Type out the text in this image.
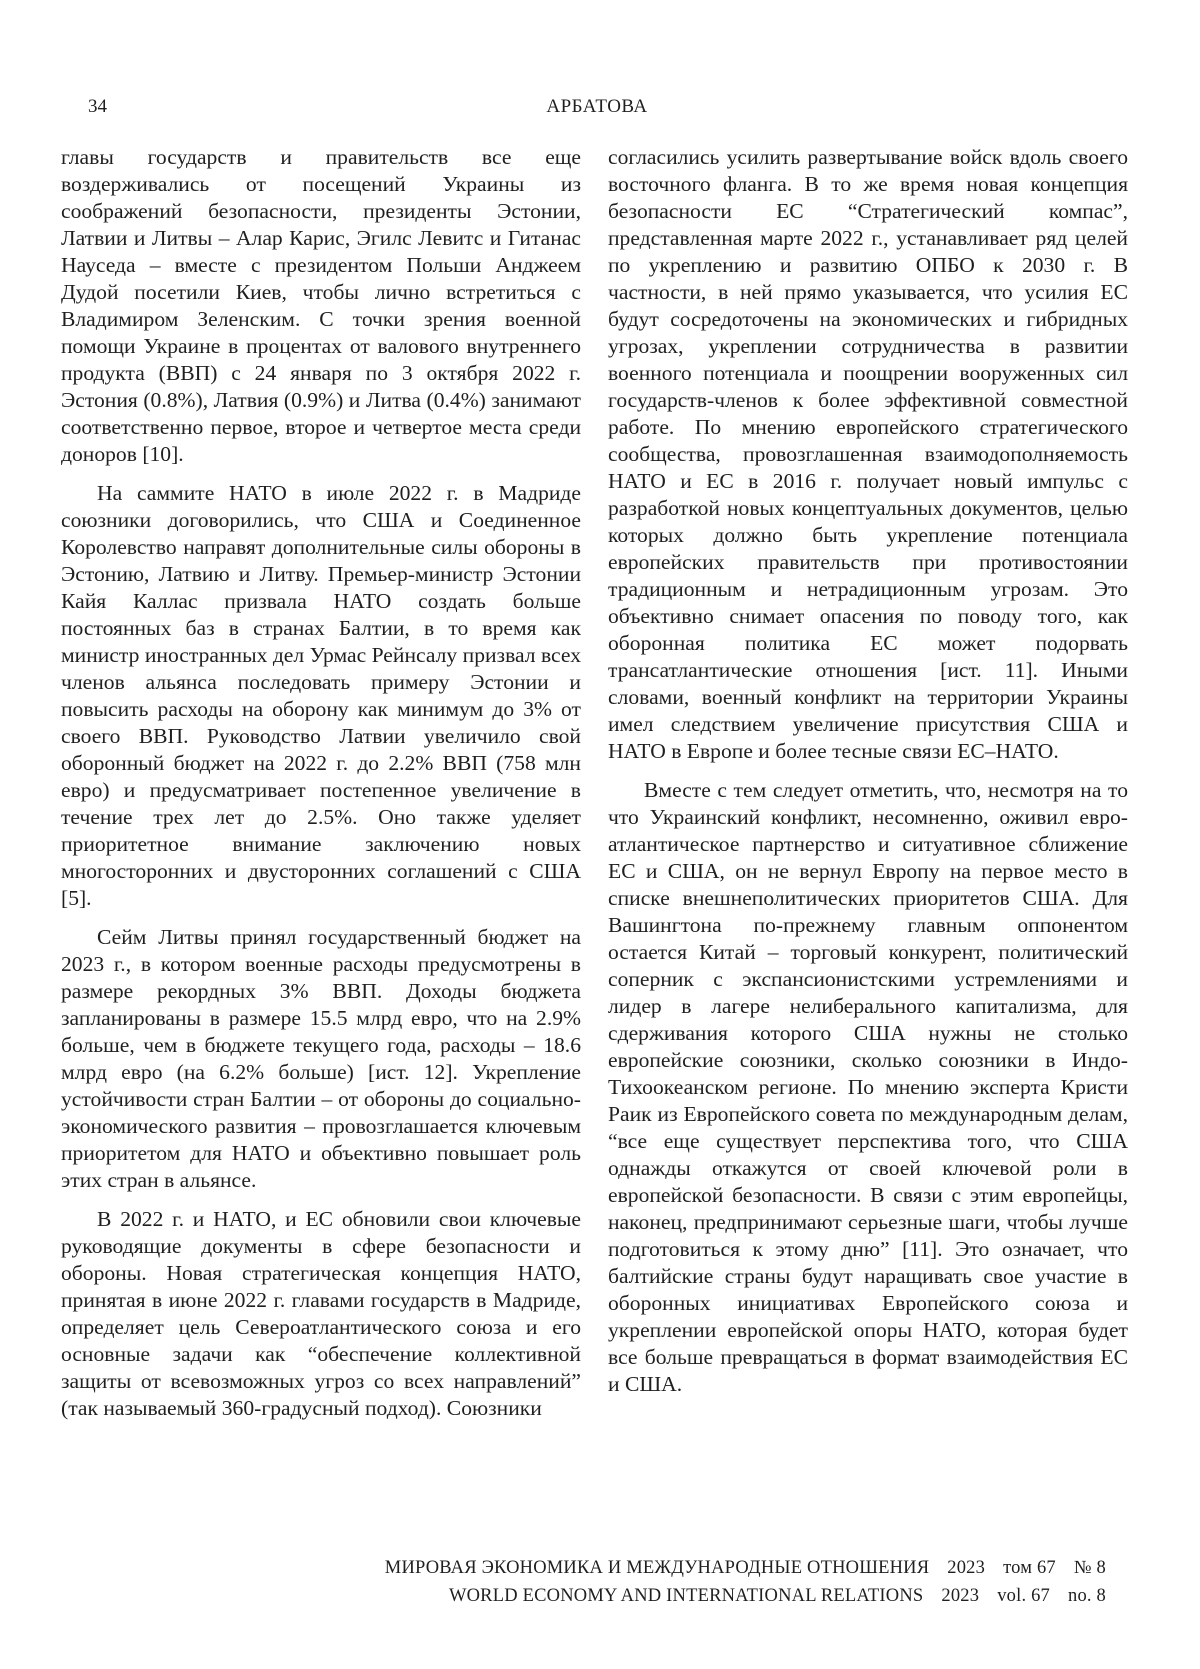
34	АРБАТОВА

главы государств и правительств все еще воздерживались от посещений Украины из соображений безопасности, президенты Эстонии, Латвии и Литвы – Алар Карис, Эгилс Левитс и Гитанас Науседа – вместе с президентом Польши Анджеем Дудой посетили Киев, чтобы лично встретиться с Владимиром Зеленским. С точки зрения военной помощи Украине в процентах от валового внутреннего продукта (ВВП) с 24 января по 3 октября 2022 г. Эстония (0.8%), Латвия (0.9%) и Литва (0.4%) занимают соответственно первое, второе и четвертое места среди доноров [10].

На саммите НАТО в июле 2022 г. в Мадриде союзники договорились, что США и Соединенное Королевство направят дополнительные силы обороны в Эстонию, Латвию и Литву. Премьер-министр Эстонии Кайя Каллас призвала НАТО создать больше постоянных баз в странах Балтии, в то время как министр иностранных дел Урмас Рейнсалу призвал всех членов альянса последовать примеру Эстонии и повысить расходы на оборону как минимум до 3% от своего ВВП. Руководство Латвии увеличило свой оборонный бюджет на 2022 г. до 2.2% ВВП (758 млн евро) и предусматривает постепенное увеличение в течение трех лет до 2.5%. Оно также уделяет приоритетное внимание заключению новых многосторонних и двусторонних соглашений с США [5].

Сейм Литвы принял государственный бюджет на 2023 г., в котором военные расходы предусмотрены в размере рекордных 3% ВВП. Доходы бюджета запланированы в размере 15.5 млрд евро, что на 2.9% больше, чем в бюджете текущего года, расходы – 18.6 млрд евро (на 6.2% больше) [ист. 12]. Укрепление устойчивости стран Балтии – от обороны до социально-экономического развития – провозглашается ключевым приоритетом для НАТО и объективно повышает роль этих стран в альянсе.

В 2022 г. и НАТО, и ЕС обновили свои ключевые руководящие документы в сфере безопасности и обороны. Новая стратегическая концепция НАТО, принятая в июне 2022 г. главами государств в Мадриде, определяет цель Североатлантического союза и его основные задачи как “обеспечение коллективной защиты от всевозможных угроз со всех направлений” (так называемый 360-градусный подход). Союзники

согласились усилить развертывание войск вдоль своего восточного фланга. В то же время новая концепция безопасности ЕС “Стратегический компас”, представленная марте 2022 г., устанавливает ряд целей по укреплению и развитию ОПБО к 2030 г. В частности, в ней прямо указывается, что усилия ЕС будут сосредоточены на экономических и гибридных угрозах, укреплении сотрудничества в развитии военного потенциала и поощрении вооруженных сил государств-членов к более эффективной совместной работе. По мнению европейского стратегического сообщества, провозглашенная взаимодополняемость НАТО и ЕС в 2016 г. получает новый импульс с разработкой новых концептуальных документов, целью которых должно быть укрепление потенциала европейских правительств при противостоянии традиционным и нетрадиционным угрозам. Это объективно снимает опасения по поводу того, как оборонная политика ЕС может подорвать трансатлантические отношения [ист. 11]. Иными словами, военный конфликт на территории Украины имел следствием увеличение присутствия США и НАТО в Европе и более тесные связи ЕС–НАТО.

Вместе с тем следует отметить, что, несмотря на то что Украинский конфликт, несомненно, оживил евро-атлантическое партнерство и ситуативное сближение ЕС и США, он не вернул Европу на первое место в списке внешнеполитических приоритетов США. Для Вашингтона по-прежнему главным оппонентом остается Китай – торговый конкурент, политический соперник с экспансионистскими устремлениями и лидер в лагере нелиберального капитализма, для сдерживания которого США нужны не столько европейские союзники, сколько союзники в Индо-Тихоокеанском регионе. По мнению эксперта Кристи Раик из Европейского совета по международным делам, “все еще существует перспектива того, что США однажды откажутся от своей ключевой роли в европейской безопасности. В связи с этим европейцы, наконец, предпринимают серьезные шаги, чтобы лучше подготовиться к этому дню” [11]. Это означает, что балтийские страны будут наращивать свое участие в оборонных инициативах Европейского союза и укреплении европейской опоры НАТО, которая будет все больше превращаться в формат взаимодействия ЕС и США.

МИРОВАЯ ЭКОНОМИКА И МЕЖДУНАРОДНЫЕ ОТНОШЕНИЯ 2023 том 67 № 8
WORLD ECONOMY AND INTERNATIONAL RELATIONS 2023 vol. 67 no. 8
